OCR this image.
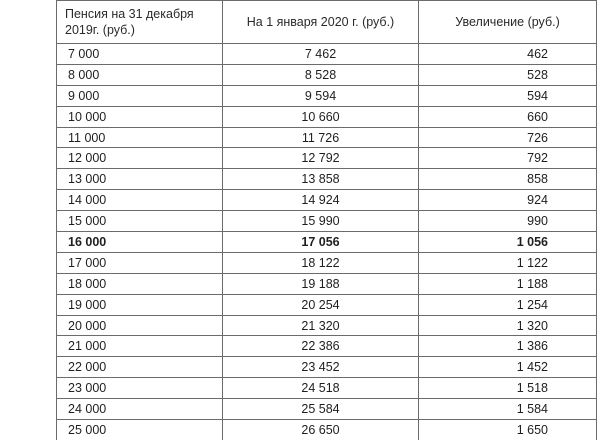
Пенсия на 31 декабря 2019г. (руб.)	На 1 января 2020 г. (руб.)	Увеличение (руб.)
7 000	7 462	462
8 000	8 528	528
9 000	9 594	594
10 000	10 660	660
11 000	11 726	726
12 000	12 792	792
13 000	13 858	858
14 000	14 924	924
15 000	15 990	990
16 000	17 056	1 056
17 000	18 122	1 122
18 000	19 188	1 188
19 000	20 254	1 254
20 000	21 320	1 320
21 000	22 386	1 386
22 000	23 452	1 452
23 000	24 518	1 518
24 000	25 584	1 584
25 000	26 650	1 650
